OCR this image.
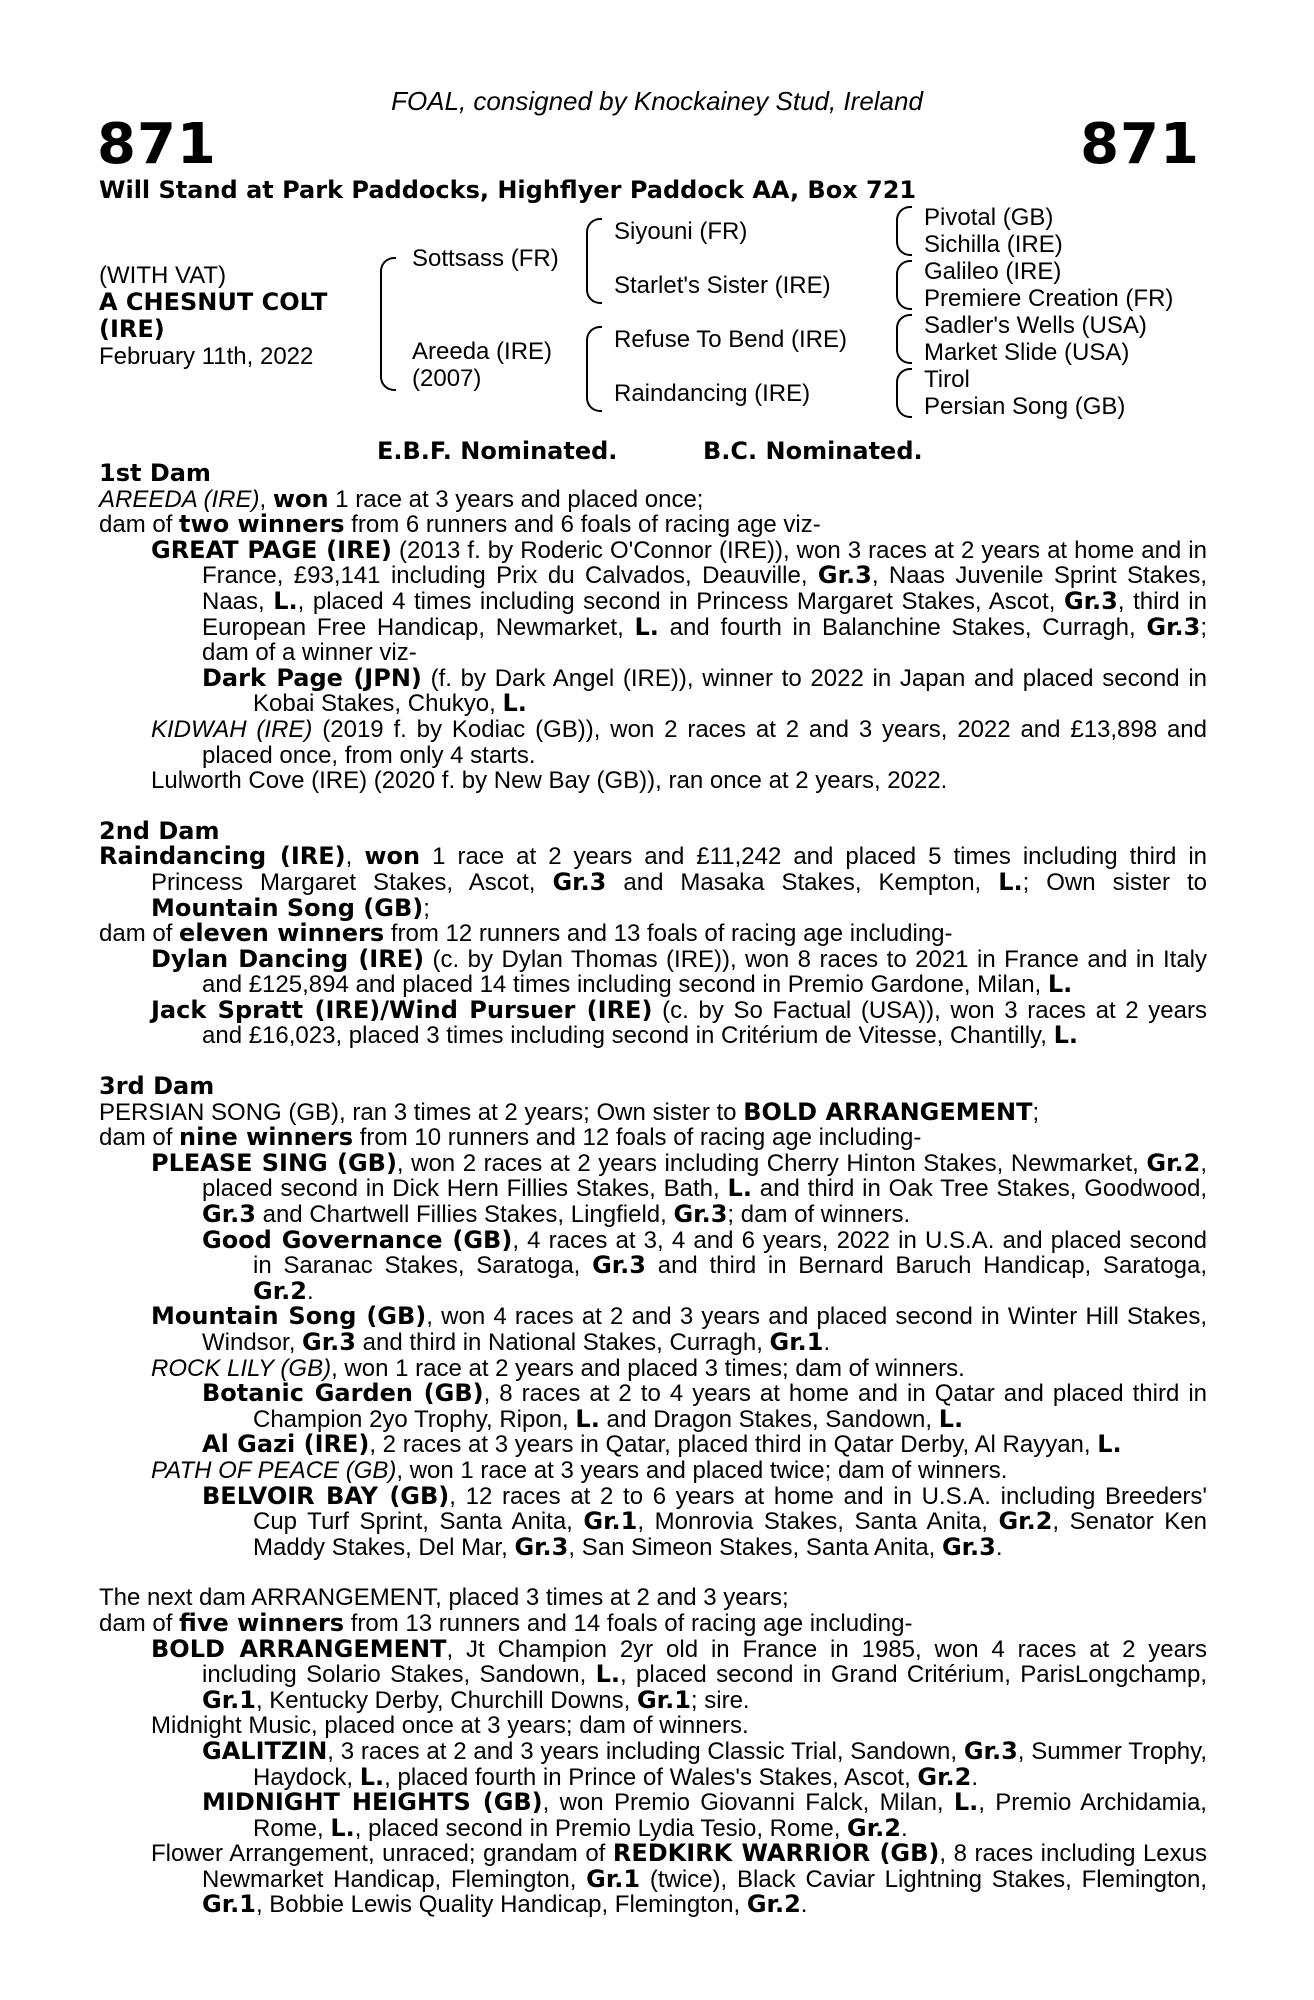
FOAL, consigned by Knockainey Stud, Ireland
871	871
Will Stand at Park Paddocks, Highflyer Paddock AA, Box 721
(WITH VAT)
A CHESNUT COLT
(IRE)
February 11th, 2022
Sottsass (FR)
Areeda (IRE)
(2007)
Siyouni (FR)
Starlet's Sister (IRE)
Refuse To Bend (IRE)
Raindancing (IRE)
Pivotal (GB)
Sichilla (IRE)
Galileo (IRE)
Premiere Creation (FR)
Sadler's Wells (USA)
Market Slide (USA)
Tirol
Persian Song (GB)
E.B.F. Nominated.	B.C. Nominated.
1st Dam
AREEDA (IRE), won 1 race at 3 years and placed once;
dam of two winners from 6 runners and 6 foals of racing age viz-
GREAT PAGE (IRE) (2013 f. by Roderic O'Connor (IRE)), won 3 races at 2 years at home and in France, £93,141 including Prix du Calvados, Deauville, Gr.3, Naas Juvenile Sprint Stakes, Naas, L., placed 4 times including second in Princess Margaret Stakes, Ascot, Gr.3, third in European Free Handicap, Newmarket, L. and fourth in Balanchine Stakes, Curragh, Gr.3; dam of a winner viz-
Dark Page (JPN) (f. by Dark Angel (IRE)), winner to 2022 in Japan and placed second in Kobai Stakes, Chukyo, L.
KIDWAH (IRE) (2019 f. by Kodiac (GB)), won 2 races at 2 and 3 years, 2022 and £13,898 and placed once, from only 4 starts.
Lulworth Cove (IRE) (2020 f. by New Bay (GB)), ran once at 2 years, 2022.
2nd Dam
Raindancing (IRE), won 1 race at 2 years and £11,242 and placed 5 times including third in Princess Margaret Stakes, Ascot, Gr.3 and Masaka Stakes, Kempton, L.; Own sister to Mountain Song (GB);
dam of eleven winners from 12 runners and 13 foals of racing age including-
Dylan Dancing (IRE) (c. by Dylan Thomas (IRE)), won 8 races to 2021 in France and in Italy and £125,894 and placed 14 times including second in Premio Gardone, Milan, L.
Jack Spratt (IRE)/Wind Pursuer (IRE) (c. by So Factual (USA)), won 3 races at 2 years and £16,023, placed 3 times including second in Critérium de Vitesse, Chantilly, L.
3rd Dam
PERSIAN SONG (GB), ran 3 times at 2 years; Own sister to BOLD ARRANGEMENT;
dam of nine winners from 10 runners and 12 foals of racing age including-
PLEASE SING (GB), won 2 races at 2 years including Cherry Hinton Stakes, Newmarket, Gr.2, placed second in Dick Hern Fillies Stakes, Bath, L. and third in Oak Tree Stakes, Goodwood, Gr.3 and Chartwell Fillies Stakes, Lingfield, Gr.3; dam of winners.
Good Governance (GB), 4 races at 3, 4 and 6 years, 2022 in U.S.A. and placed second in Saranac Stakes, Saratoga, Gr.3 and third in Bernard Baruch Handicap, Saratoga, Gr.2.
Mountain Song (GB), won 4 races at 2 and 3 years and placed second in Winter Hill Stakes, Windsor, Gr.3 and third in National Stakes, Curragh, Gr.1.
ROCK LILY (GB), won 1 race at 2 years and placed 3 times; dam of winners.
Botanic Garden (GB), 8 races at 2 to 4 years at home and in Qatar and placed third in Champion 2yo Trophy, Ripon, L. and Dragon Stakes, Sandown, L.
Al Gazi (IRE), 2 races at 3 years in Qatar, placed third in Qatar Derby, Al Rayyan, L.
PATH OF PEACE (GB), won 1 race at 3 years and placed twice; dam of winners.
BELVOIR BAY (GB), 12 races at 2 to 6 years at home and in U.S.A. including Breeders' Cup Turf Sprint, Santa Anita, Gr.1, Monrovia Stakes, Santa Anita, Gr.2, Senator Ken Maddy Stakes, Del Mar, Gr.3, San Simeon Stakes, Santa Anita, Gr.3.
The next dam ARRANGEMENT, placed 3 times at 2 and 3 years;
dam of five winners from 13 runners and 14 foals of racing age including-
BOLD ARRANGEMENT, Jt Champion 2yr old in France in 1985, won 4 races at 2 years including Solario Stakes, Sandown, L., placed second in Grand Critérium, ParisLongchamp, Gr.1, Kentucky Derby, Churchill Downs, Gr.1; sire.
Midnight Music, placed once at 3 years; dam of winners.
GALITZIN, 3 races at 2 and 3 years including Classic Trial, Sandown, Gr.3, Summer Trophy, Haydock, L., placed fourth in Prince of Wales's Stakes, Ascot, Gr.2.
MIDNIGHT HEIGHTS (GB), won Premio Giovanni Falck, Milan, L., Premio Archidamia, Rome, L., placed second in Premio Lydia Tesio, Rome, Gr.2.
Flower Arrangement, unraced; grandam of REDKIRK WARRIOR (GB), 8 races including Lexus Newmarket Handicap, Flemington, Gr.1 (twice), Black Caviar Lightning Stakes, Flemington, Gr.1, Bobbie Lewis Quality Handicap, Flemington, Gr.2.
